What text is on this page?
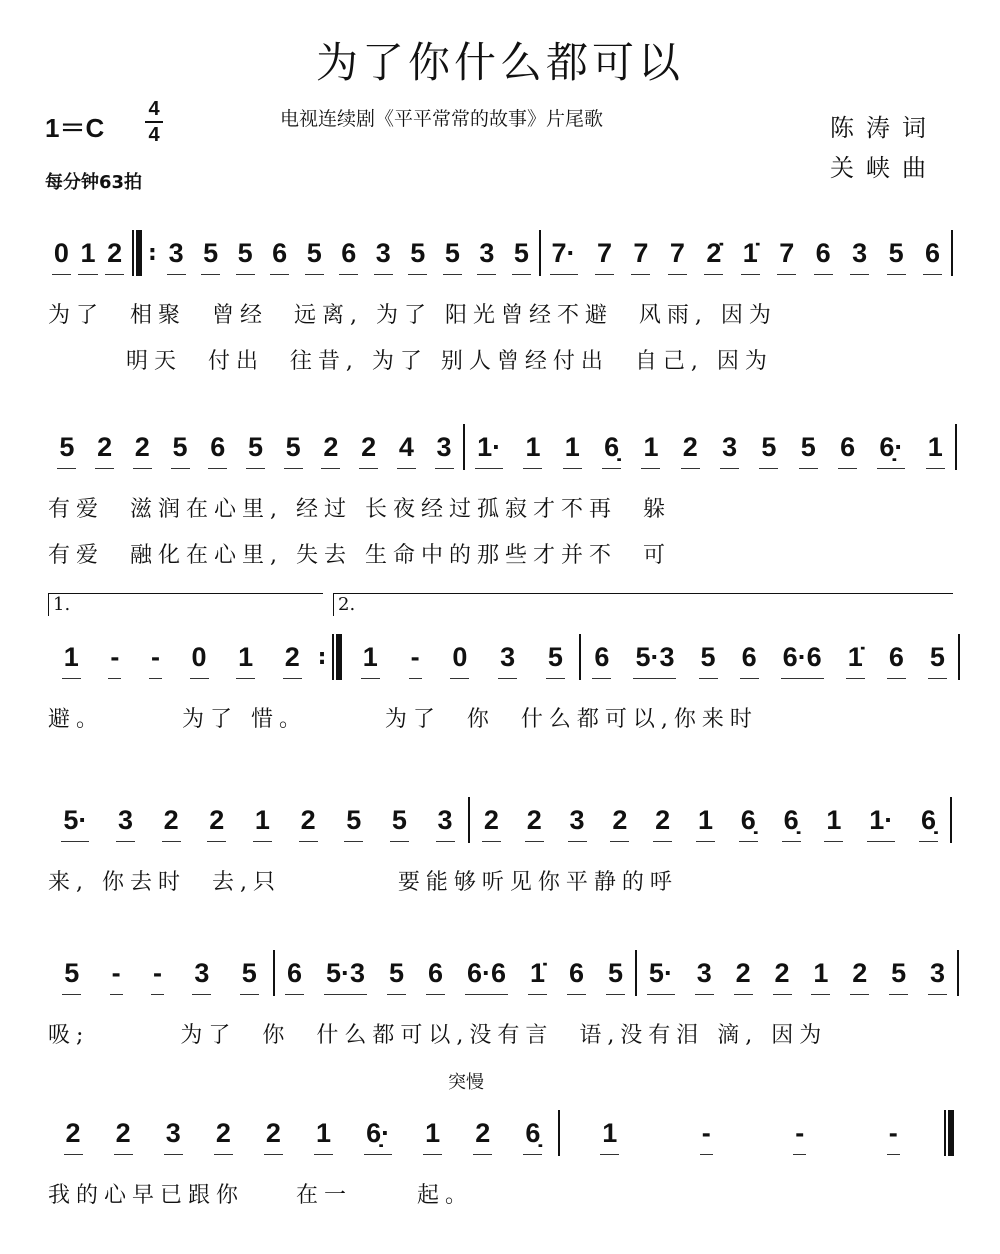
为了你什么都可以
1＝C
4
4
电视连续剧《平平常常的故事》片尾歌	陈涛词
关峡曲
每分钟63拍
突慢
0 1 2 : 3 5 5 6 5 6 3 5 5 3 5 7· 7 7 7 2̇ 1̇ 7 6 3 5 6
为了  相聚  曾经  远离, 为了 阳光曾经不避  风雨, 因为
明天  付出  往昔, 为了 别人曾经付出  自己, 因为
5 2 2 5 6 5 5 2 2 4 3 1· 1 1 6̣ 1 2 3 5 5 6 6̣· 1
有爱  滋润在心里, 经过 长夜经过孤寂才不再  躲
有爱  融化在心里, 失去 生命中的那些才并不  可
1 - - 0 1 2 : 1 - 0 3 5 6 5·3 5 6 6·6 1̇ 6 5
避。      为了 惜。      为了  你  什么都可以,你来时
5· 3 2 2 1 2 5 5 3 2 2 3 2 2 1 6̣ 6̣ 1 1· 6̣
来, 你去时  去,只         要能够听见你平静的呼
5 - - 3 5 6 5·3 5 6 6·6 1̇ 6 5 5· 3 2 2 1 2 5 3
吸;       为了  你  什么都可以,没有言  语,没有泪 滴, 因为
2 2 3 2 2 1 6̣· 1 2 6̣ 1	-	-	-
我的心早已跟你    在一     起。
1.	2.
